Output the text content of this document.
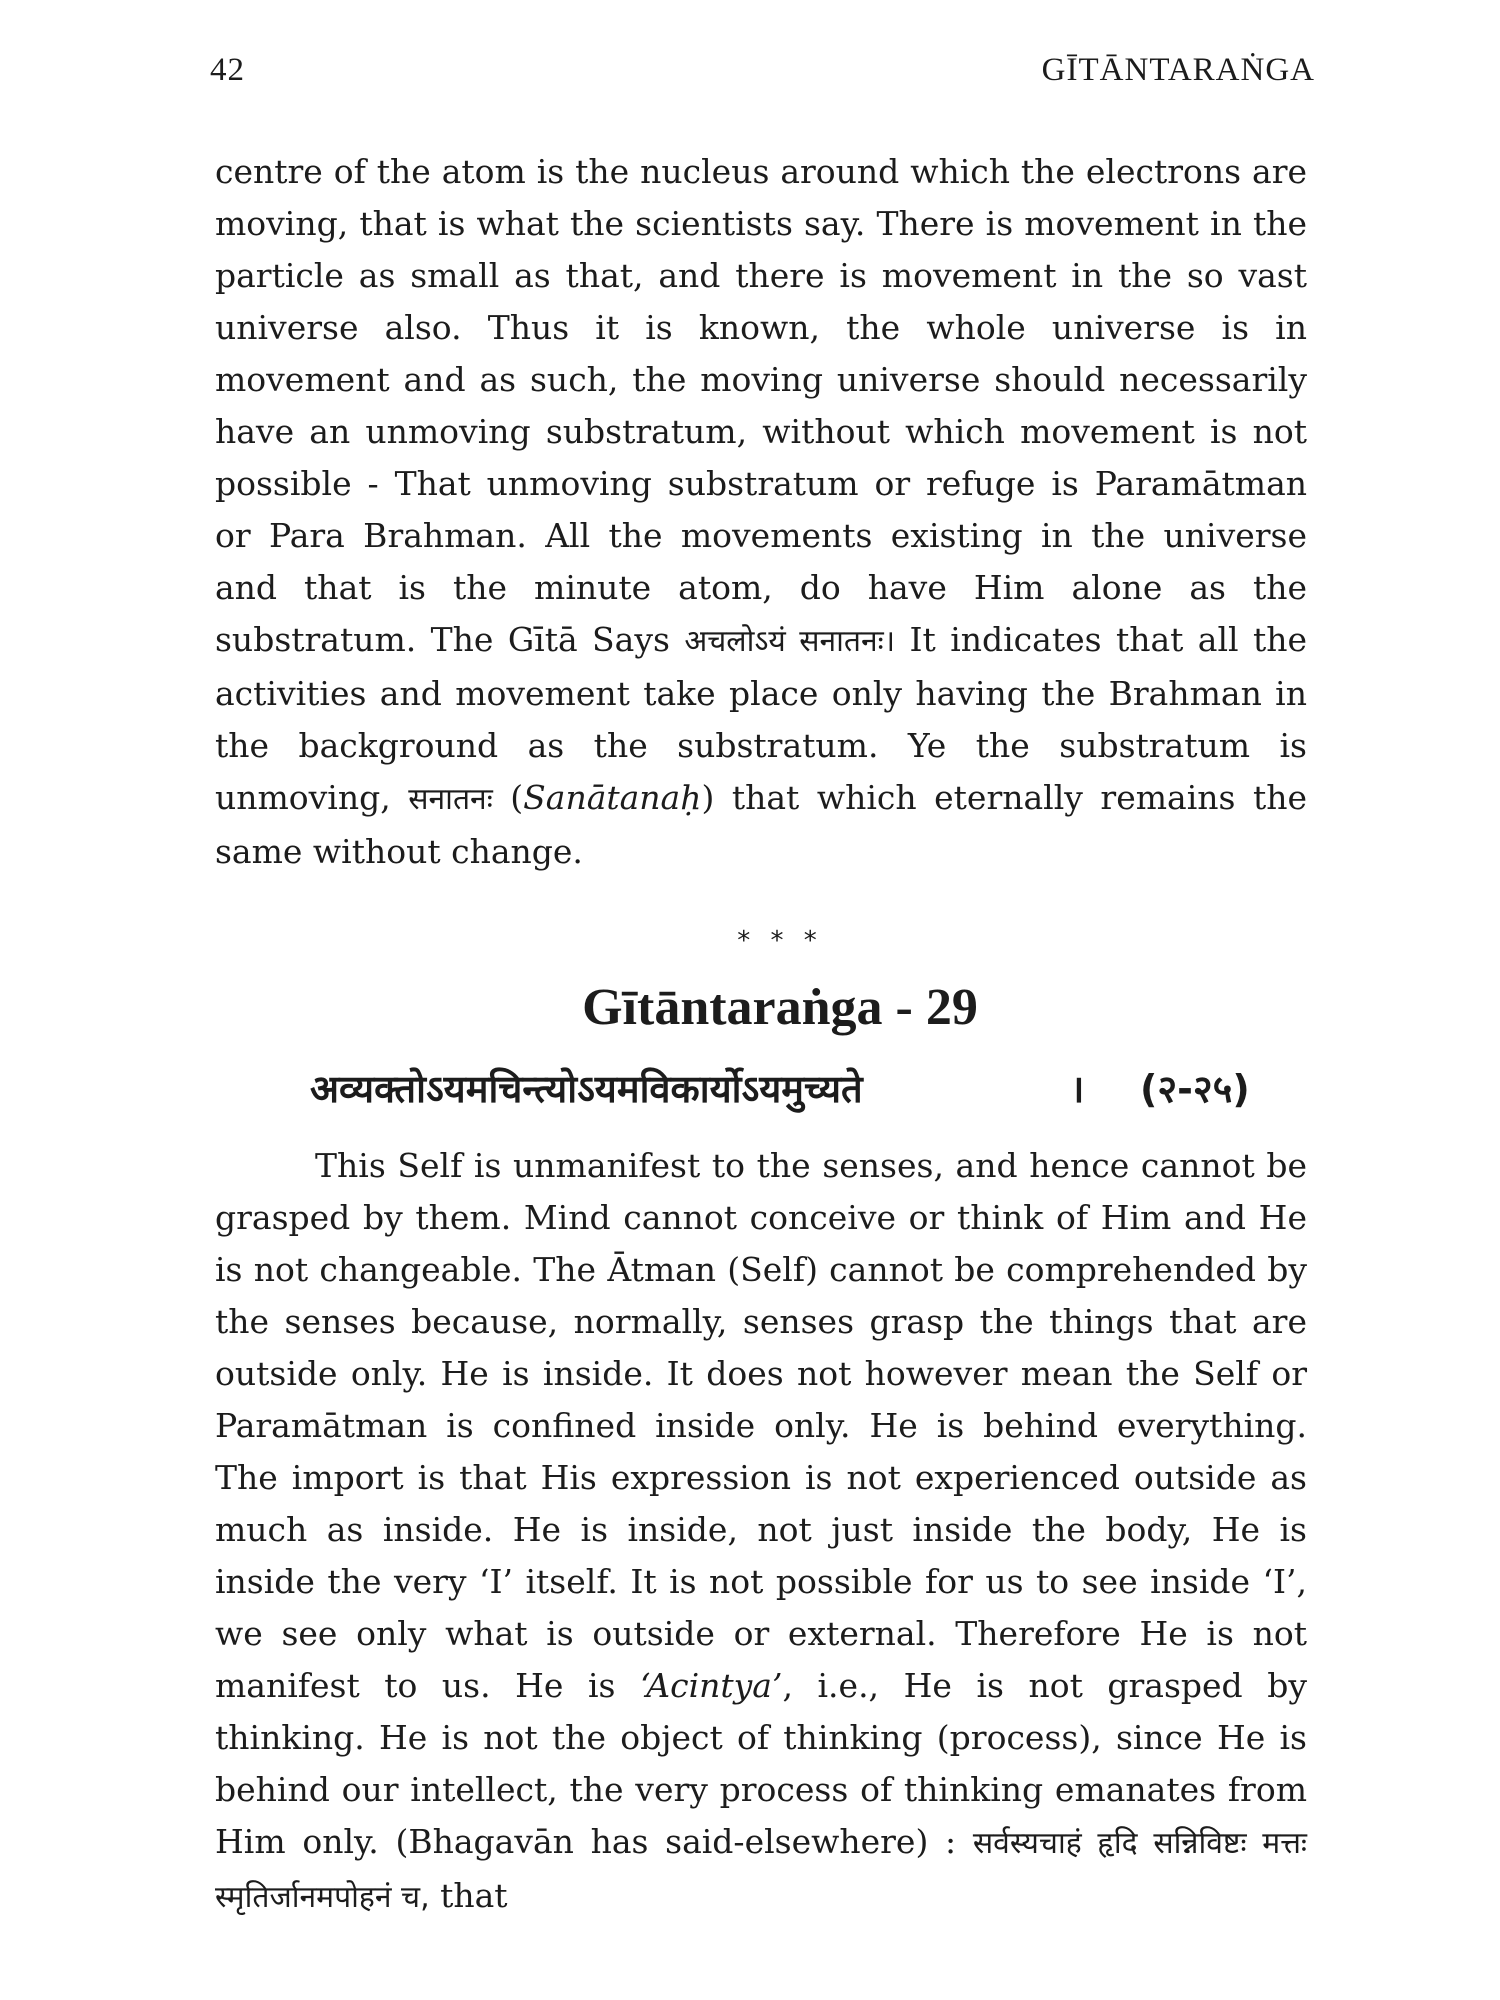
42	GĪTĀNTARAṄGA

centre of the atom is the nucleus around which the electrons are moving, that is what the scientists say. There is movement in the particle as small as that, and there is movement in the so vast universe also. Thus it is known, the whole universe is in movement and as such, the moving universe should necessarily have an unmoving substratum, without which movement is not possible - That unmoving substratum or refuge is Paramātman or Para Brahman. All the movements existing in the universe and that is the minute atom, do have Him alone as the substratum. The Gītā Says अचलोऽयं सनातनः। It indicates that all the activities and movement take place only having the Brahman in the background as the substratum. Ye the substratum is unmoving, सनातनः (Sanātanaḥ) that which eternally remains the same without change.

* * *
Gītāntaraṅga - 29
अव्यक्तोऽयमचिन्त्योऽयमविकार्योऽयमुच्यते	। (२-२५)

This Self is unmanifest to the senses, and hence cannot be grasped by them. Mind cannot conceive or think of Him and He is not changeable. The Ātman (Self) cannot be comprehended by the senses because, normally, senses grasp the things that are outside only. He is inside. It does not however mean the Self or Paramātman is confined inside only. He is behind everything. The import is that His expression is not experienced outside as much as inside. He is inside, not just inside the body, He is inside the very ‘I’ itself. It is not possible for us to see inside ‘I’, we see only what is outside or external. Therefore He is not manifest to us. He is ‘Acintya’, i.e., He is not grasped by thinking. He is not the object of thinking (process), since He is behind our intellect, the very process of thinking emanates from Him only. (Bhagavān has said-elsewhere) : सर्वस्यचाहं हृदि सन्निविष्टः मत्तः स्मृतिर्जानमपोहनं च, that
